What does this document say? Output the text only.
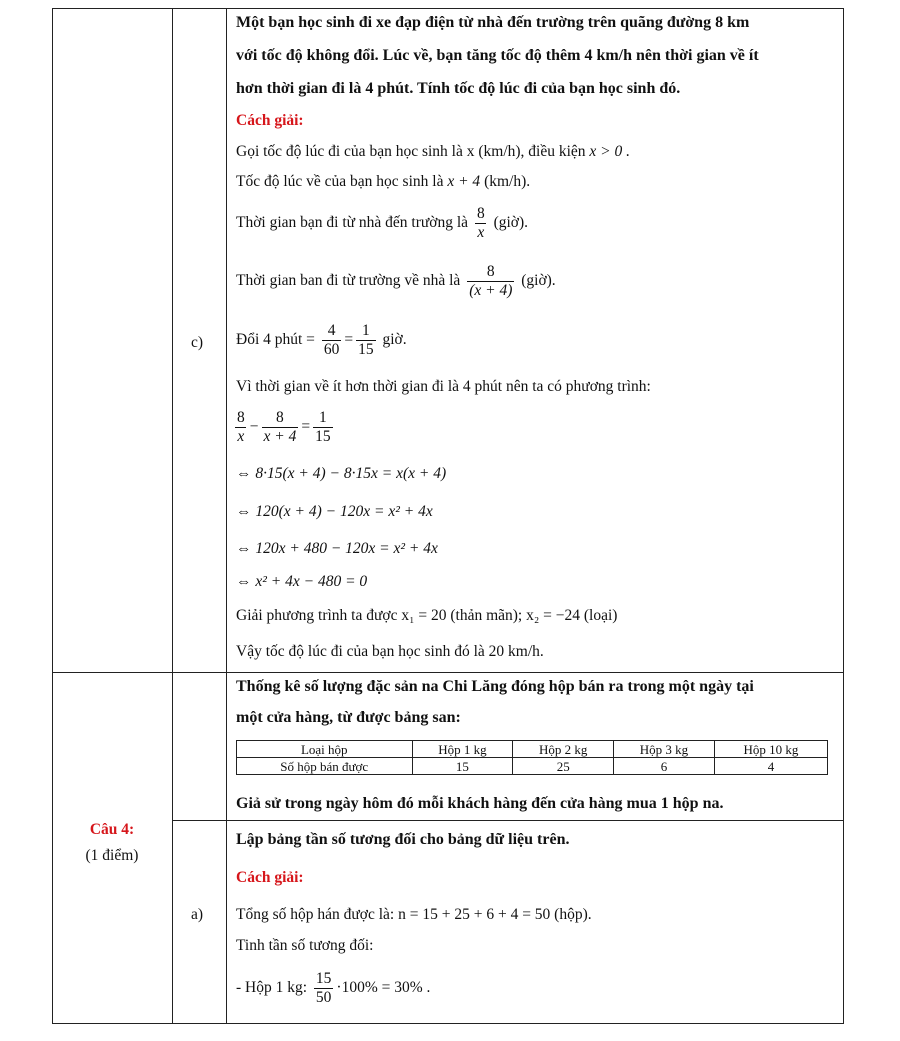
Một bạn học sinh đi xe đạp điện từ nhà đến trường trên quãng đường 8 km
với tốc độ không đổi. Lúc về, bạn tăng tốc độ thêm 4 km/h nên thời gian về ít
hơn thời gian đi là 4 phút. Tính tốc độ lúc đi của bạn học sinh đó.
Cách giải:
Gọi tốc độ lúc đi của bạn học sinh là x (km/h), điều kiện x > 0 .
Tốc độ lúc về của bạn học sinh là x + 4 (km/h).
Thời gian bạn đi từ nhà đến trường là $\frac{8}{x}$ (giờ).
Thời gian ban đi từ trường về nhà là $\frac{8}{(x + 4)}$ (giờ).
c) Đổi 4 phút = $\frac{4}{60} = \frac{1}{15}$ giờ.
Vì thời gian về ít hơn thời gian đi là 4 phút nên ta có phương trình:
$\frac{8}{x} - \frac{8}{x + 4} = \frac{1}{15}$
⇔ 8·15(x + 4) − 8·15x = x(x + 4)
⇔ 120(x + 4) − 120x = x² + 4x
⇔ 120x + 480 − 120x = x² + 4x
⇔ x² + 4x − 480 = 0
Giải phương trình ta được x₁ = 20 (thản mãn); x₂ = −24 (loại)
Vậy tốc độ lúc đi của bạn học sinh đó là 20 km/h.
Câu 4:
(1 điểm)
Thống kê số lượng đặc sản na Chi Lăng đóng hộp bán ra trong một ngày tại
một cửa hàng, từ được bảng san:
Loại hộp	Hộp 1 kg	Hộp 2 kg	Hộp 3 kg	Hộp 10 kg
Số hộp bán được	15	25	6	4
Giả sử trong ngày hôm đó mỗi khách hàng đến cửa hàng mua 1 hộp na.
Lập bảng tần số tương đối cho bảng dữ liệu trên.
Cách giải:
a) Tổng số hộp hán được là: n = 15 + 25 + 6 + 4 = 50 (hộp).
Tinh tần số tương đối:
- Hộp 1 kg: $\frac{15}{50} \cdot 100\% = 30\%$ .
